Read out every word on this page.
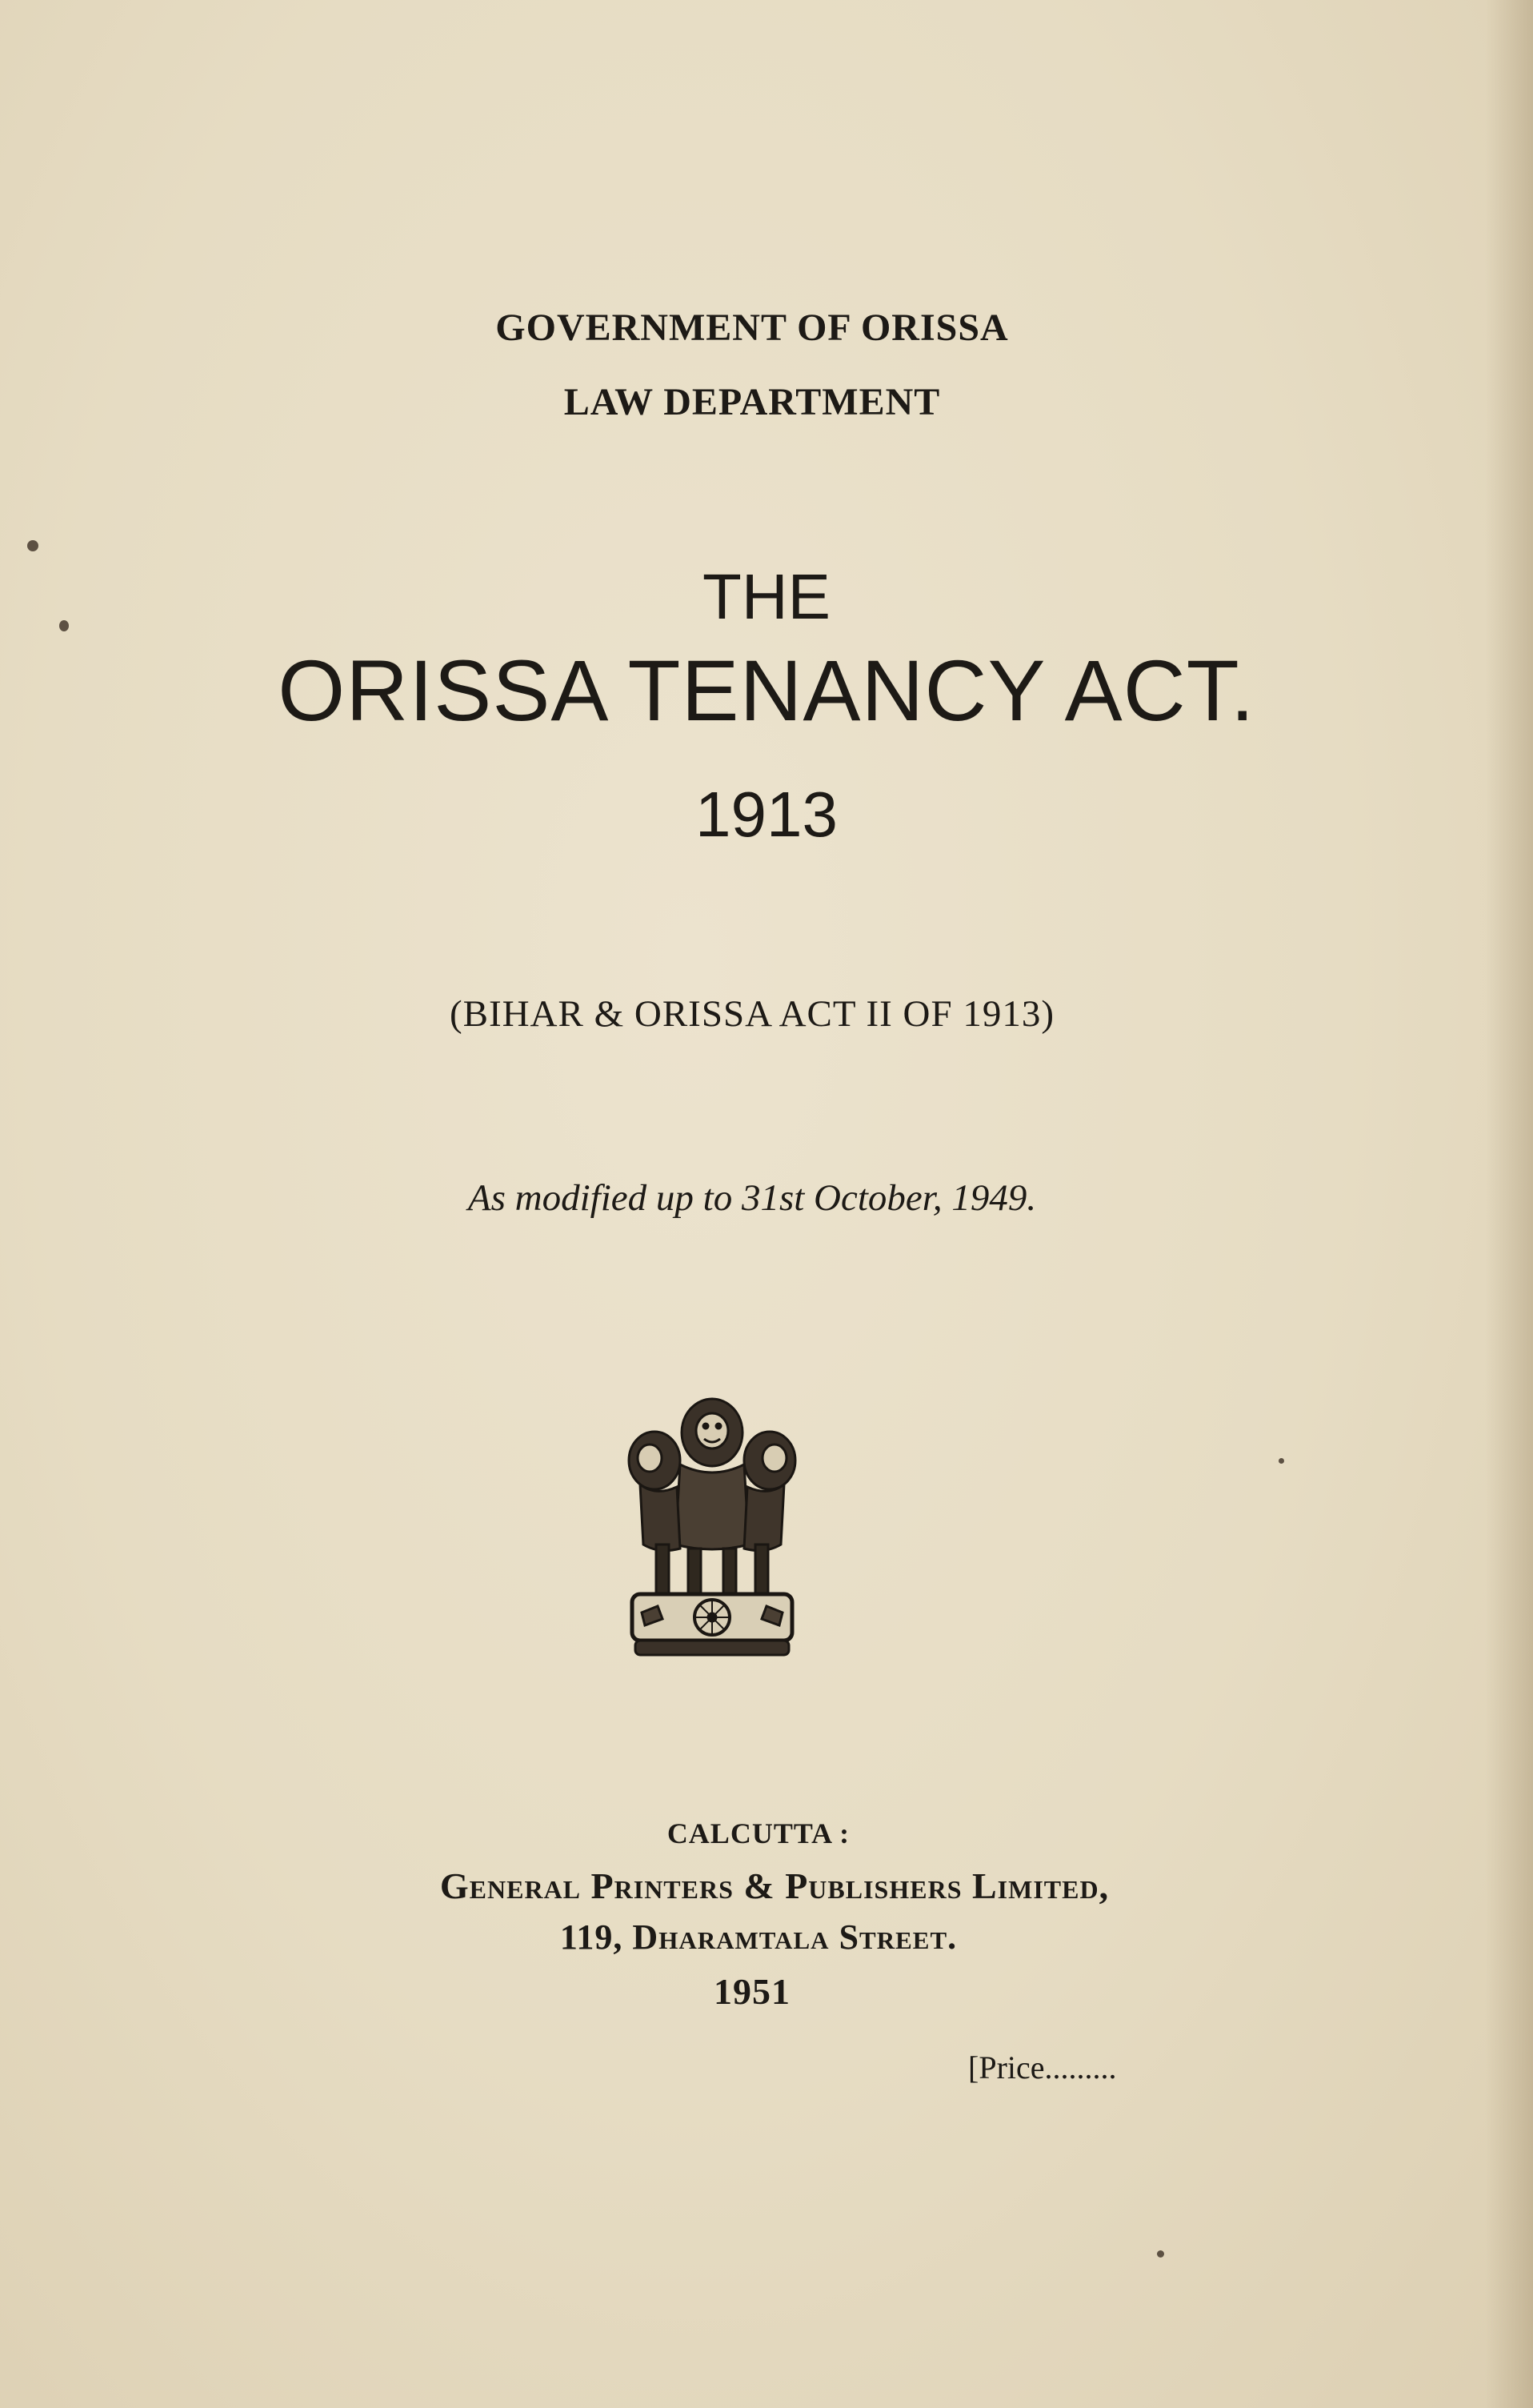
GOVERNMENT OF ORISSA
LAW DEPARTMENT
THE
ORISSA TENANCY ACT.
1913
(BIHAR & ORISSA ACT II OF 1913)
As modified up to 31st October, 1949.
CALCUTTA :
General Printers & Publishers Limited,
119, Dharamtala Street.
1951
[Price.........
